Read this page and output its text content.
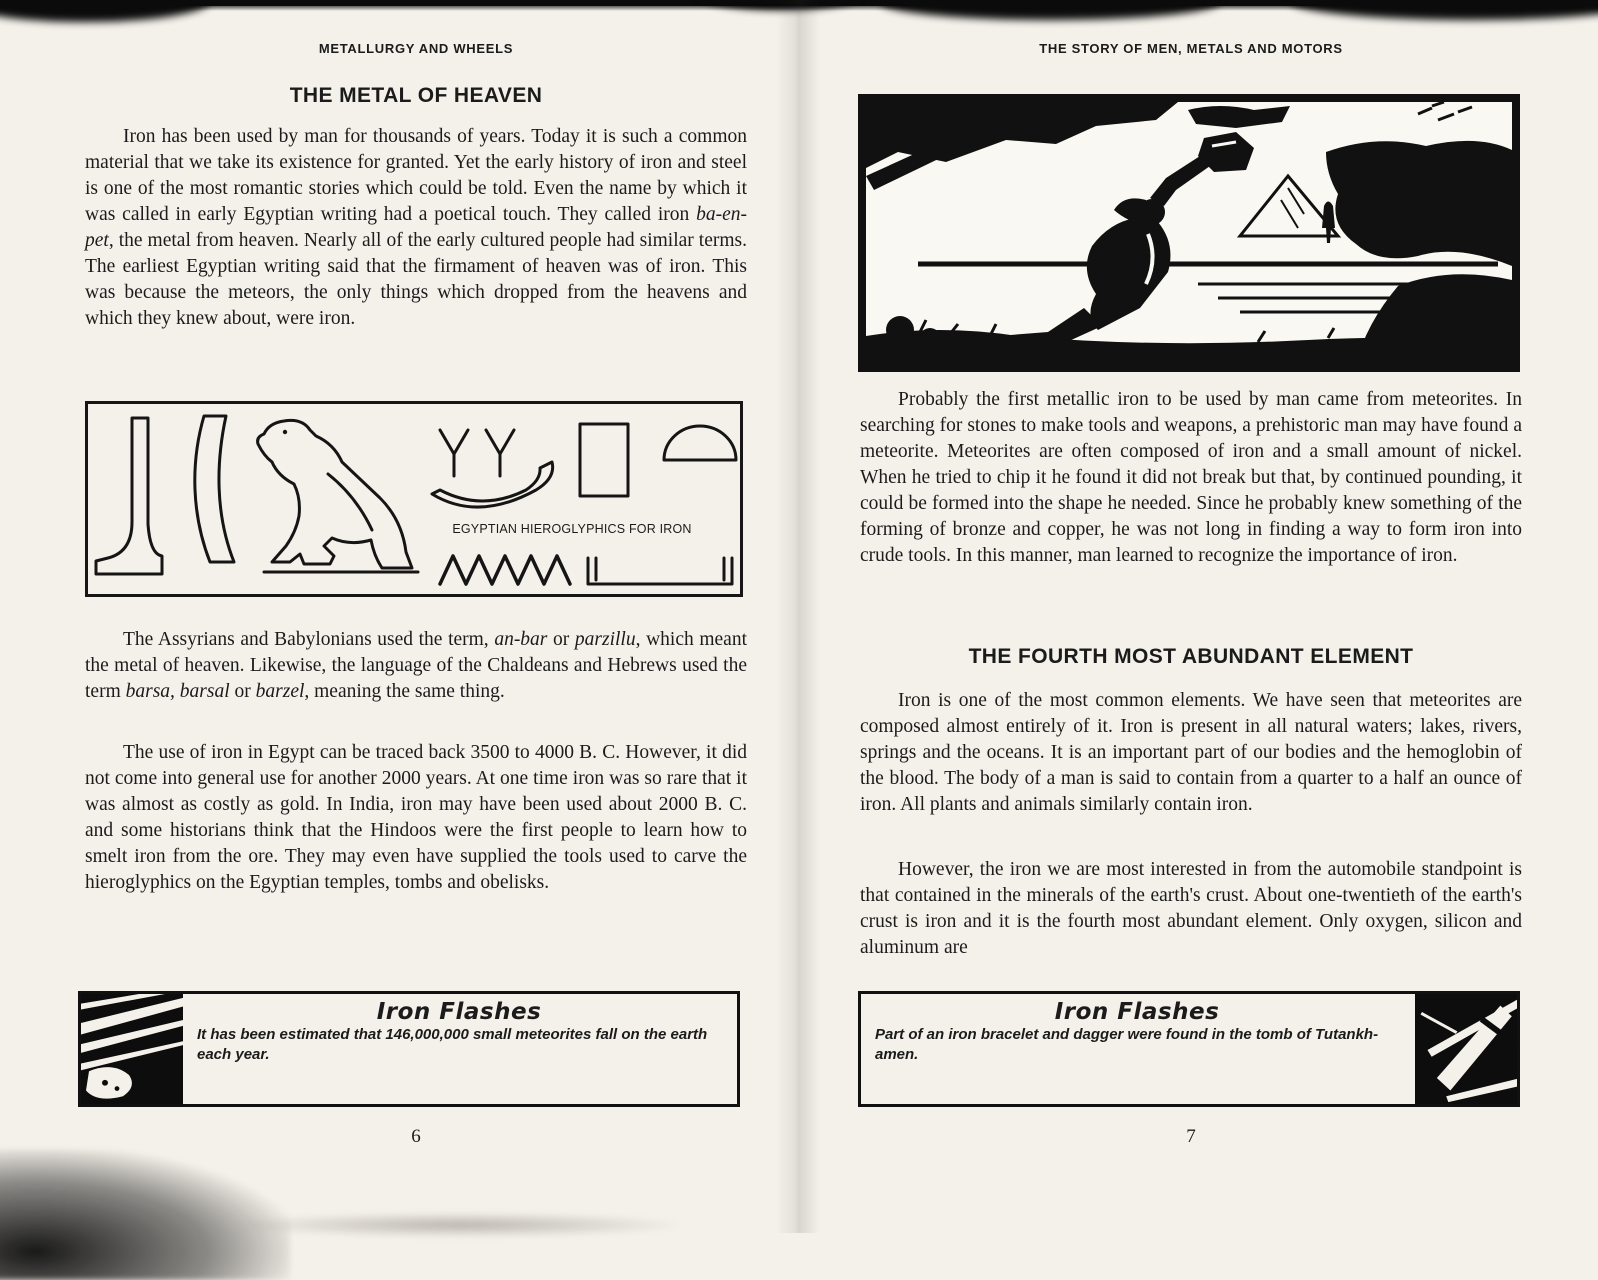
METALLURGY AND WHEELS
THE METAL OF HEAVEN

Iron has been used by man for thousands of years. Today it is such a common material that we take its existence for granted. Yet the early history of iron and steel is one of the most romantic stories which could be told. Even the name by which it was called in early Egyptian writing had a poetical touch. They called iron ba-en-pet, the metal from heaven. Nearly all of the early cultured people had similar terms. The earliest Egyptian writing said that the firmament of heaven was of iron. This was because the meteors, the only things which dropped from the heavens and which they knew about, were iron.

EGYPTIAN HIEROGLYPHICS FOR IRON

The Assyrians and Babylonians used the term, an-bar or parzillu, which meant the metal of heaven. Likewise, the language of the Chaldeans and Hebrews used the term barsa, barsal or barzel, meaning the same thing.

The use of iron in Egypt can be traced back 3500 to 4000 B. C. However, it did not come into general use for another 2000 years. At one time iron was so rare that it was almost as costly as gold. In India, iron may have been used about 2000 B. C. and some historians think that the Hindoos were the first people to learn how to smelt iron from the ore. They may even have supplied the tools used to carve the hieroglyphics on the Egyptian temples, tombs and obelisks.

Iron Flashes
It has been estimated that 146,000,000 small meteorites fall on the earth
each year.
6
THE STORY OF MEN, METALS AND MOTORS

Probably the first metallic iron to be used by man came from meteorites. In searching for stones to make tools and weapons, a prehistoric man may have found a meteorite. Meteorites are often composed of iron and a small amount of nickel. When he tried to chip it he found it did not break but that, by continued pounding, it could be formed into the shape he needed. Since he probably knew something of the forming of bronze and copper, he was not long in finding a way to form iron into crude tools. In this manner, man learned to recognize the importance of iron.

THE FOURTH MOST ABUNDANT ELEMENT

Iron is one of the most common elements. We have seen that meteorites are composed almost entirely of it. Iron is present in all natural waters; lakes, rivers, springs and the oceans. It is an important part of our bodies and the hemoglobin of the blood. The body of a man is said to contain from a quarter to a half an ounce of iron. All plants and animals similarly contain iron.

However, the iron we are most interested in from the automobile standpoint is that contained in the minerals of the earth's crust. About one-twentieth of the earth's crust is iron and it is the fourth most abundant element. Only oxygen, silicon and aluminum are

Iron Flashes
Part of an iron bracelet and dagger were found in the tomb of Tutankh-
amen.
7
